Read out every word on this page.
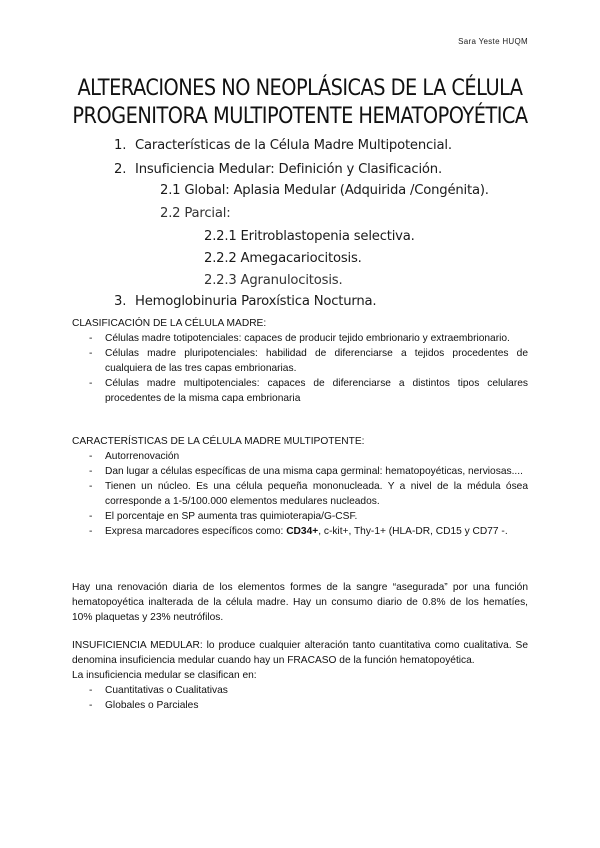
Sara Yeste HUQM
ALTERACIONES NO NEOPLÁSICAS DE LA CÉLULA
PROGENITORA MULTIPOTENTE HEMATOPOYÉTICA
1. Características de la Célula Madre Multipotencial.
2. Insuficiencia Medular: Definición y Clasificación.
2.1 Global: Aplasia Medular (Adquirida /Congénita).
2.2 Parcial:
2.2.1 Eritroblastopenia selectiva.
2.2.2 Amegacariocitosis.
2.2.3 Agranulocitosis.
3. Hemoglobinuria Paroxística Nocturna.

CLASIFICACIÓN DE LA CÉLULA MADRE:

- Células madre totipotenciales: capaces de producir tejido embrionario y extraembrionario.
- Células madre pluripotenciales: habilidad de diferenciarse a tejidos procedentes de cualquiera de las tres capas embrionarias.
- Células madre multipotenciales: capaces de diferenciarse a distintos tipos celulares procedentes de la misma capa embrionaria

CARACTERÍSTICAS DE LA CÉLULA MADRE MULTIPOTENTE:

- Autorrenovación
- Dan lugar a células específicas de una misma capa germinal: hematopoyéticas, nerviosas....
- Tienen un núcleo. Es una célula pequeña mononucleada. Y a nivel de la médula ósea corresponde a 1-5/100.000 elementos medulares nucleados.
- El porcentaje en SP aumenta tras quimioterapia/G-CSF.
- Expresa marcadores específicos como: CD34+, c-kit+, Thy-1+ (HLA-DR, CD15 y CD77 -.

Hay una renovación diaria de los elementos formes de la sangre “asegurada” por una función hematopoyética inalterada de la célula madre. Hay un consumo diario de 0.8% de los hematíes, 10% plaquetas y 23% neutrófilos.

INSUFICIENCIA MEDULAR: lo produce cualquier alteración tanto cuantitativa como cualitativa. Se denomina insuficiencia medular cuando hay un FRACASO de la función hematopoyética.

La insuficiencia medular se clasifican en:

- Cuantitativas o Cualitativas
- Globales o Parciales
